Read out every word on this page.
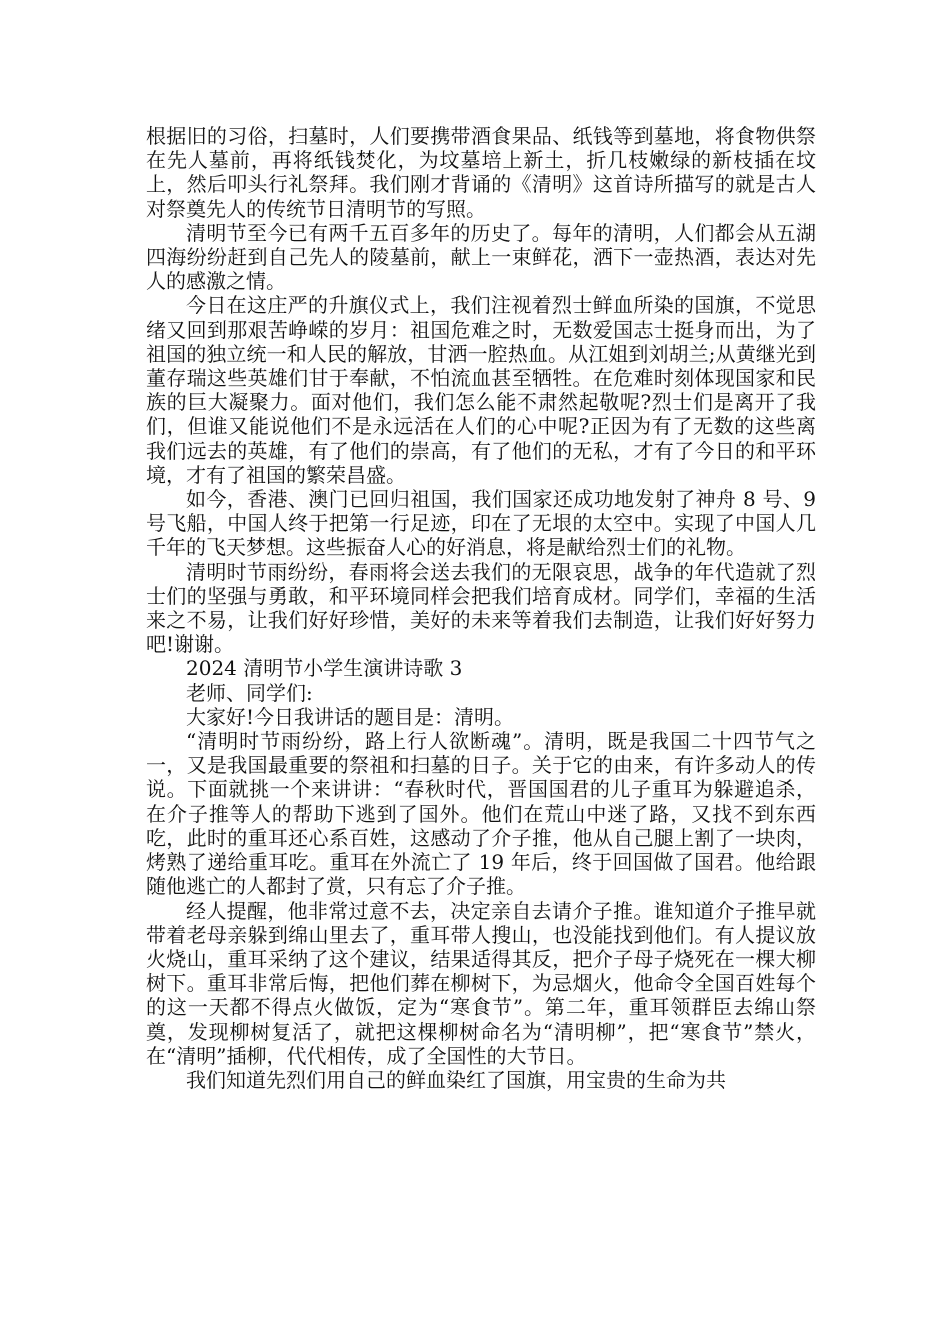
根据旧的习俗，扫墓时，人们要携带酒食果品、纸钱等到墓地，将食物供祭在先人墓前，再将纸钱焚化，为坟墓培上新土，折几枝嫩绿的新枝插在坟上，然后叩头行礼祭拜。我们刚才背诵的《清明》这首诗所描写的就是古人对祭奠先人的传统节日清明节的写照。

清明节至今已有两千五百多年的历史了。每年的清明，人们都会从五湖四海纷纷赶到自己先人的陵墓前，献上一束鲜花，洒下一壶热酒，表达对先人的感激之情。

今日在这庄严的升旗仪式上，我们注视着烈士鲜血所染的国旗，不觉思绪又回到那艰苦峥嵘的岁月：祖国危难之时，无数爱国志士挺身而出，为了祖国的独立统一和人民的解放，甘洒一腔热血。从江姐到刘胡兰;从黄继光到董存瑞这些英雄们甘于奉献，不怕流血甚至牺牲。在危难时刻体现国家和民族的巨大凝聚力。面对他们，我们怎么能不肃然起敬呢?烈士们是离开了我们，但谁又能说他们不是永远活在人们的心中呢?正因为有了无数的这些离我们远去的英雄，有了他们的崇高，有了他们的无私，才有了今日的和平环境，才有了祖国的繁荣昌盛。

如今，香港、澳门已回归祖国，我们国家还成功地发射了神舟 8 号、9 号飞船，中国人终于把第一行足迹，印在了无垠的太空中。实现了中国人几千年的飞天梦想。这些振奋人心的好消息，将是献给烈士们的礼物。

清明时节雨纷纷，春雨将会送去我们的无限哀思，战争的年代造就了烈士们的坚强与勇敢，和平环境同样会把我们培育成材。同学们，幸福的生活来之不易，让我们好好珍惜，美好的未来等着我们去制造，让我们好好努力吧!谢谢。

2024 清明节小学生演讲诗歌 3

老师、同学们:

大家好!今日我讲话的题目是：清明。

“清明时节雨纷纷，路上行人欲断魂”。清明，既是我国二十四节气之一，又是我国最重要的祭祖和扫墓的日子。关于它的由来，有许多动人的传说。下面就挑一个来讲讲：“春秋时代，晋国国君的儿子重耳为躲避追杀，在介子推等人的帮助下逃到了国外。他们在荒山中迷了路，又找不到东西吃，此时的重耳还心系百姓，这感动了介子推，他从自己腿上割了一块肉，烤熟了递给重耳吃。重耳在外流亡了 19 年后，终于回国做了国君。他给跟随他逃亡的人都封了赏，只有忘了介子推。

经人提醒，他非常过意不去，决定亲自去请介子推。谁知道介子推早就带着老母亲躲到绵山里去了，重耳带人搜山，也没能找到他们。有人提议放火烧山，重耳采纳了这个建议，结果适得其反，把介子母子烧死在一棵大柳树下。重耳非常后悔，把他们葬在柳树下，为忌烟火，他命令全国百姓每个的这一天都不得点火做饭，定为“寒食节”。第二年，重耳领群臣去绵山祭奠，发现柳树复活了，就把这棵柳树命名为“清明柳”，把“寒食节”禁火，在“清明”插柳，代代相传，成了全国性的大节日。

我们知道先烈们用自己的鲜血染红了国旗，用宝贵的生命为共
